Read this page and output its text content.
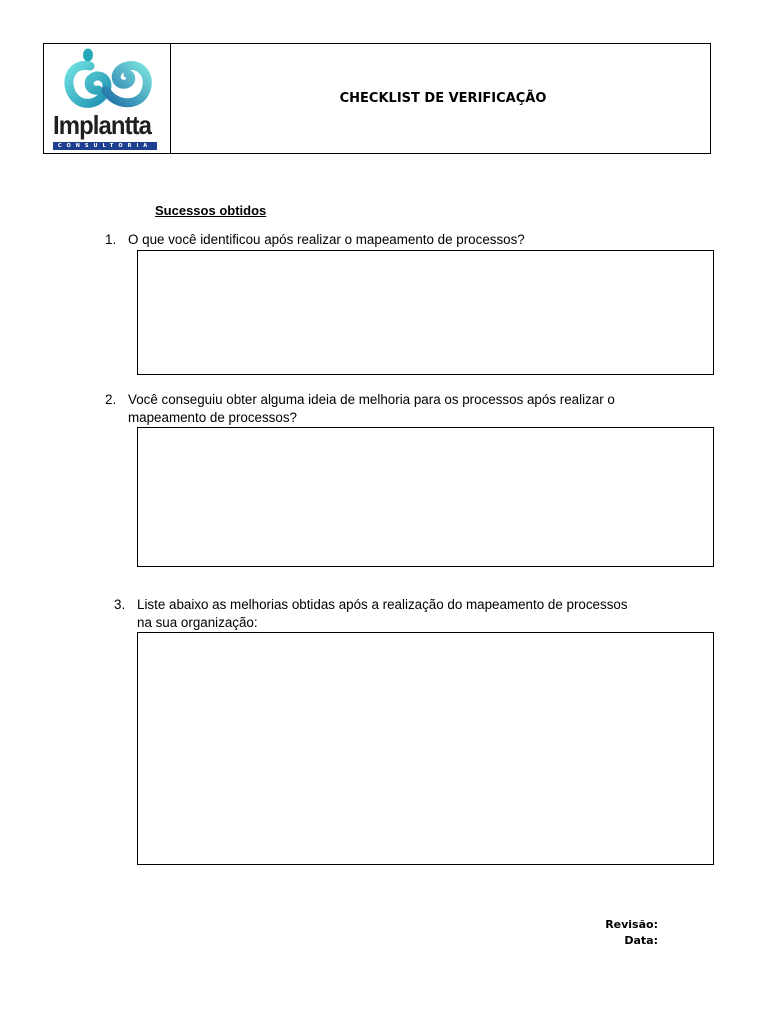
Implantta
CONSULTORIA
CHECKLIST DE VERIFICAÇÃO
Sucessos obtidos
1. O que você identificou após realizar o mapeamento de processos?
2. Você conseguiu obter alguma ideia de melhoria para os processos após realizar o
mapeamento de processos?
3. Liste abaixo as melhorias obtidas após a realização do mapeamento de processos
na sua organização:
Revisão:
Data:
